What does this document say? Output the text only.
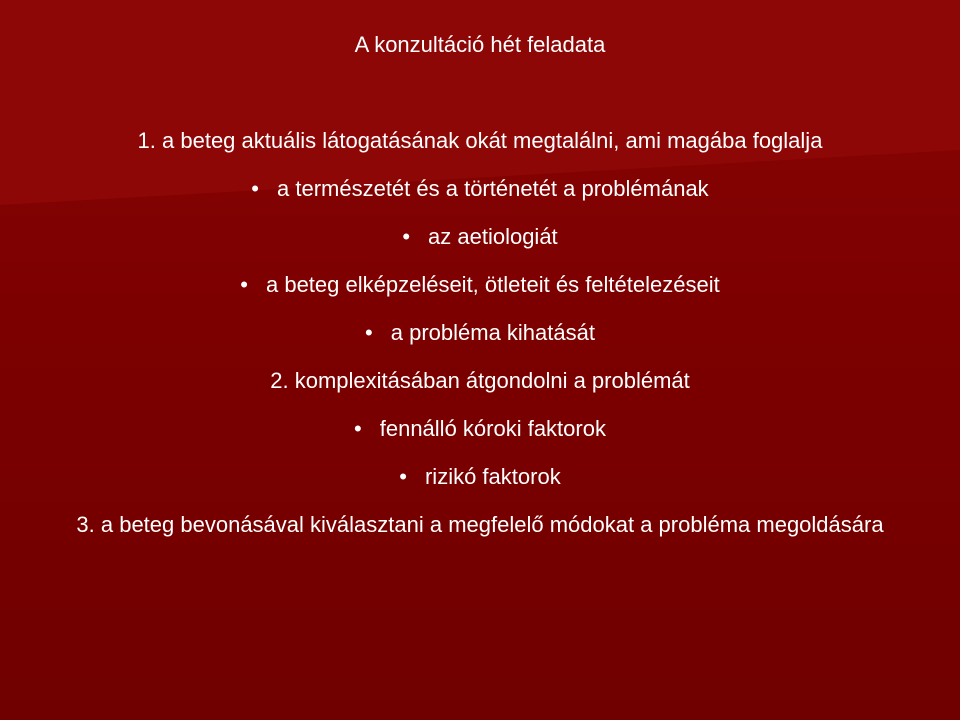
A konzultáció hét feladata
1. a beteg aktuális látogatásának okát megtalálni, ami magába foglalja
• a természetét és a történetét a problémának
• az aetiologiát
• a beteg elképzeléseit, ötleteit és feltételezéseit
• a probléma kihatását
2. komplexitásában átgondolni a problémát
• fennálló kóroki faktorok
• rizikó faktorok
3. a beteg bevonásával kiválasztani a megfelelő módokat a probléma megoldására
